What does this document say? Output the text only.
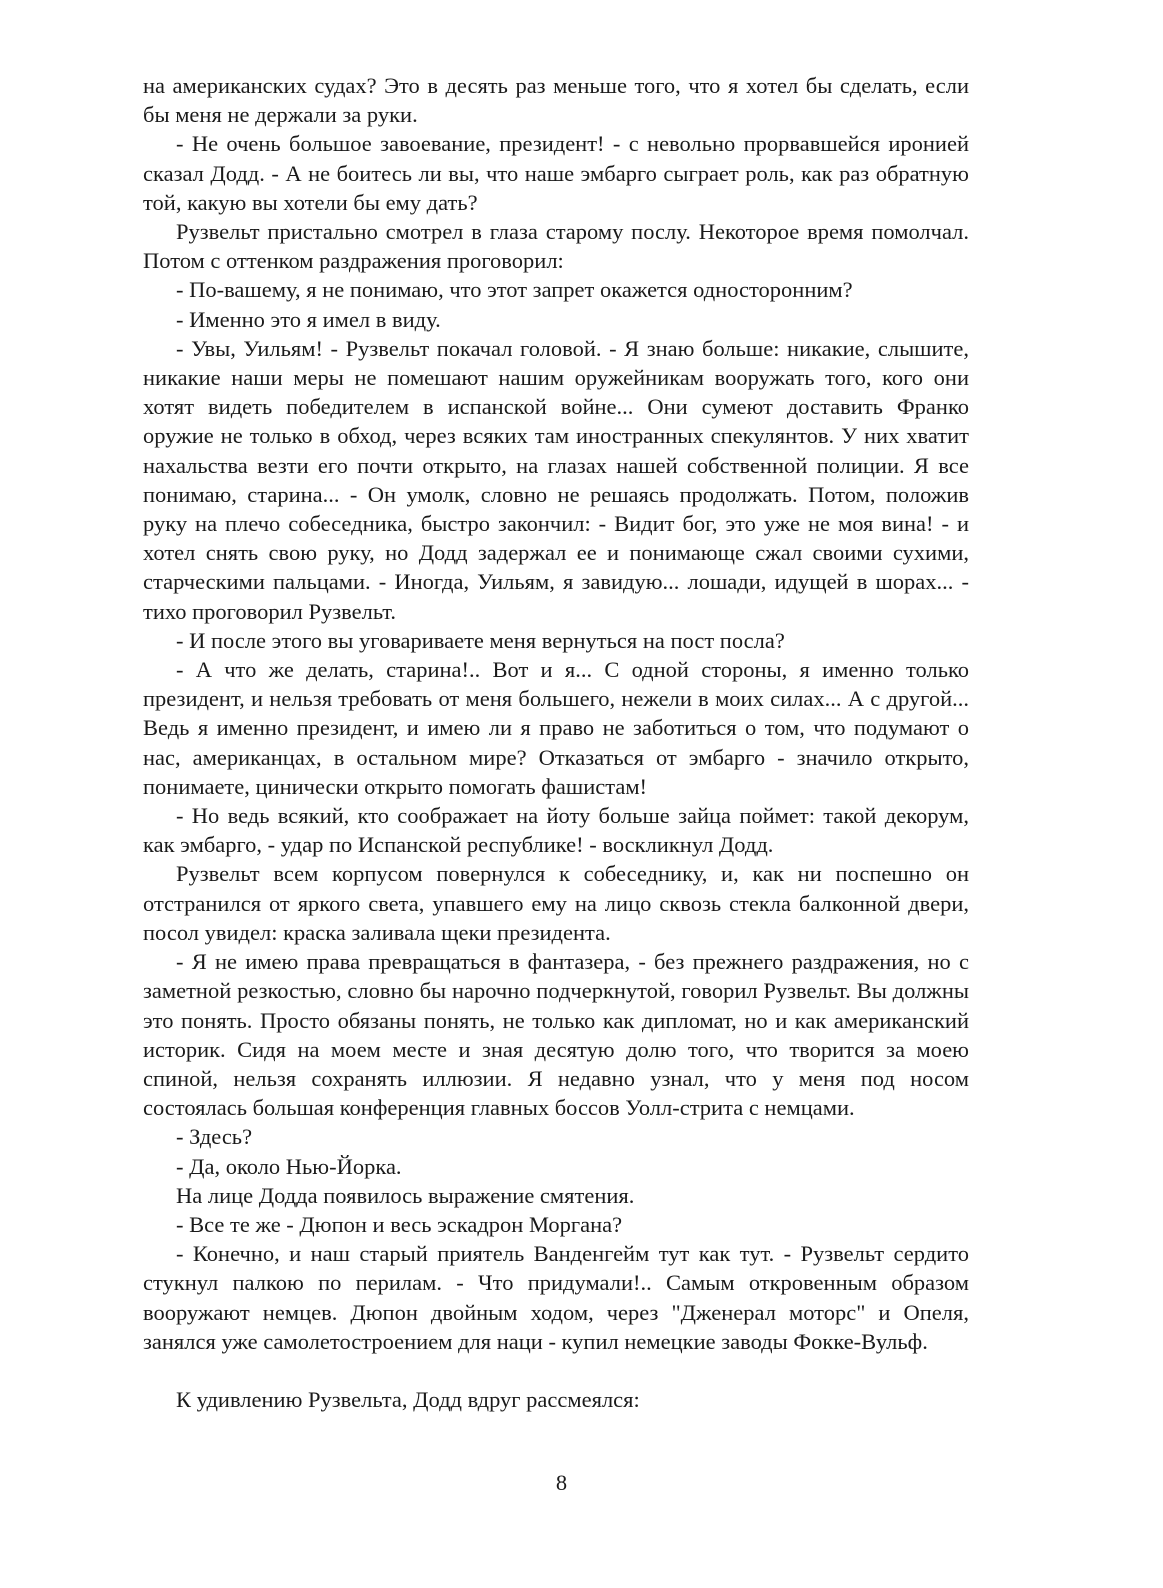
на американских судах? Это в десять раз меньше того, что я хотел бы сделать, если бы меня не держали за руки.

- Не очень большое завоевание, президент! - с невольно прорвавшейся иронией сказал Додд. - А не боитесь ли вы, что наше эмбарго сыграет роль, как раз обратную той, какую вы хотели бы ему дать?

Рузвельт пристально смотрел в глаза старому послу. Некоторое время помолчал. Потом с оттенком раздражения проговорил:

- По-вашему, я не понимаю, что этот запрет окажется односторонним?

- Именно это я имел в виду.

- Увы, Уильям! - Рузвельт покачал головой. - Я знаю больше: никакие, слышите, никакие наши меры не помешают нашим оружейникам вооружать того, кого они хотят видеть победителем в испанской войне... Они сумеют доставить Франко оружие не только в обход, через всяких там иностранных спекулянтов. У них хватит нахальства везти его почти открыто, на глазах нашей собственной полиции. Я все понимаю, старина... - Он умолк, словно не решаясь продолжать. Потом, положив руку на плечо собеседника, быстро закончил: - Видит бог, это уже не моя вина! - и хотел снять свою руку, но Додд задержал ее и понимающе сжал своими сухими, старческими пальцами. - Иногда, Уильям, я завидую... лошади, идущей в шорах... - тихо проговорил Рузвельт.

- И после этого вы уговариваете меня вернуться на пост посла?

- А что же делать, старина!.. Вот и я... С одной стороны, я именно только президент, и нельзя требовать от меня большего, нежели в моих силах... А с другой... Ведь я именно президент, и имею ли я право не заботиться о том, что подумают о нас, американцах, в остальном мире? Отказаться от эмбарго - значило открыто, понимаете, цинически открыто помогать фашистам!

- Но ведь всякий, кто соображает на йоту больше зайца поймет: такой декорум, как эмбарго, - удар по Испанской республике! - воскликнул Додд.

Рузвельт всем корпусом повернулся к собеседнику, и, как ни поспешно он отстранился от яркого света, упавшего ему на лицо сквозь стекла балконной двери, посол увидел: краска заливала щеки президента.

- Я не имею права превращаться в фантазера, - без прежнего раздражения, но с заметной резкостью, словно бы нарочно подчеркнутой, говорил Рузвельт. Вы должны это понять. Просто обязаны понять, не только как дипломат, но и как американский историк. Сидя на моем месте и зная десятую долю того, что творится за моею спиной, нельзя сохранять иллюзии. Я недавно узнал, что у меня под носом состоялась большая конференция главных боссов Уолл-стрита с немцами.

- Здесь?

- Да, около Нью-Йорка.

На лице Додда появилось выражение смятения.

- Все те же - Дюпон и весь эскадрон Моргана?

- Конечно, и наш старый приятель Ванденгейм тут как тут. - Рузвельт сердито стукнул палкою по перилам. - Что придумали!.. Самым откровенным образом вооружают немцев. Дюпон двойным ходом, через "Дженерал моторс" и Опеля, занялся уже самолетостроением для наци - купил немецкие заводы Фокке-Вульф.

К удивлению Рузвельта, Додд вдруг рассмеялся:

8
